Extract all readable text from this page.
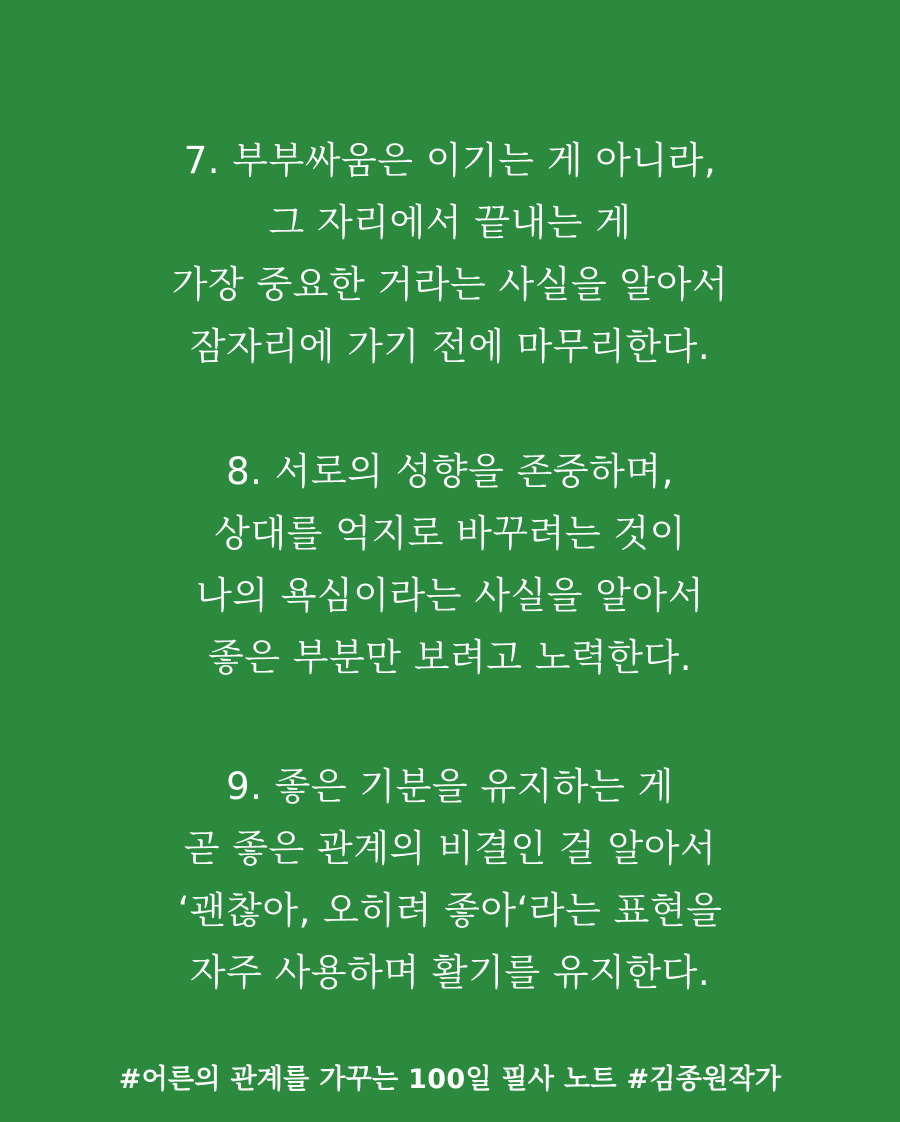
7. 부부싸움은 이기는 게 아니라,
그 자리에서 끝내는 게
가장 중요한 거라는 사실을 알아서
잠자리에 가기 전에 마무리한다.
8. 서로의 성향을 존중하며,
상대를 억지로 바꾸려는 것이
나의 욕심이라는 사실을 알아서
좋은 부분만 보려고 노력한다.
9. 좋은 기분을 유지하는 게
곧 좋은 관계의 비결인 걸 알아서
‘괜찮아, 오히려 좋아‘라는 표현을
자주 사용하며 활기를 유지한다.
#어른의 관계를 가꾸는 100일 필사 노트 #김종원작가
